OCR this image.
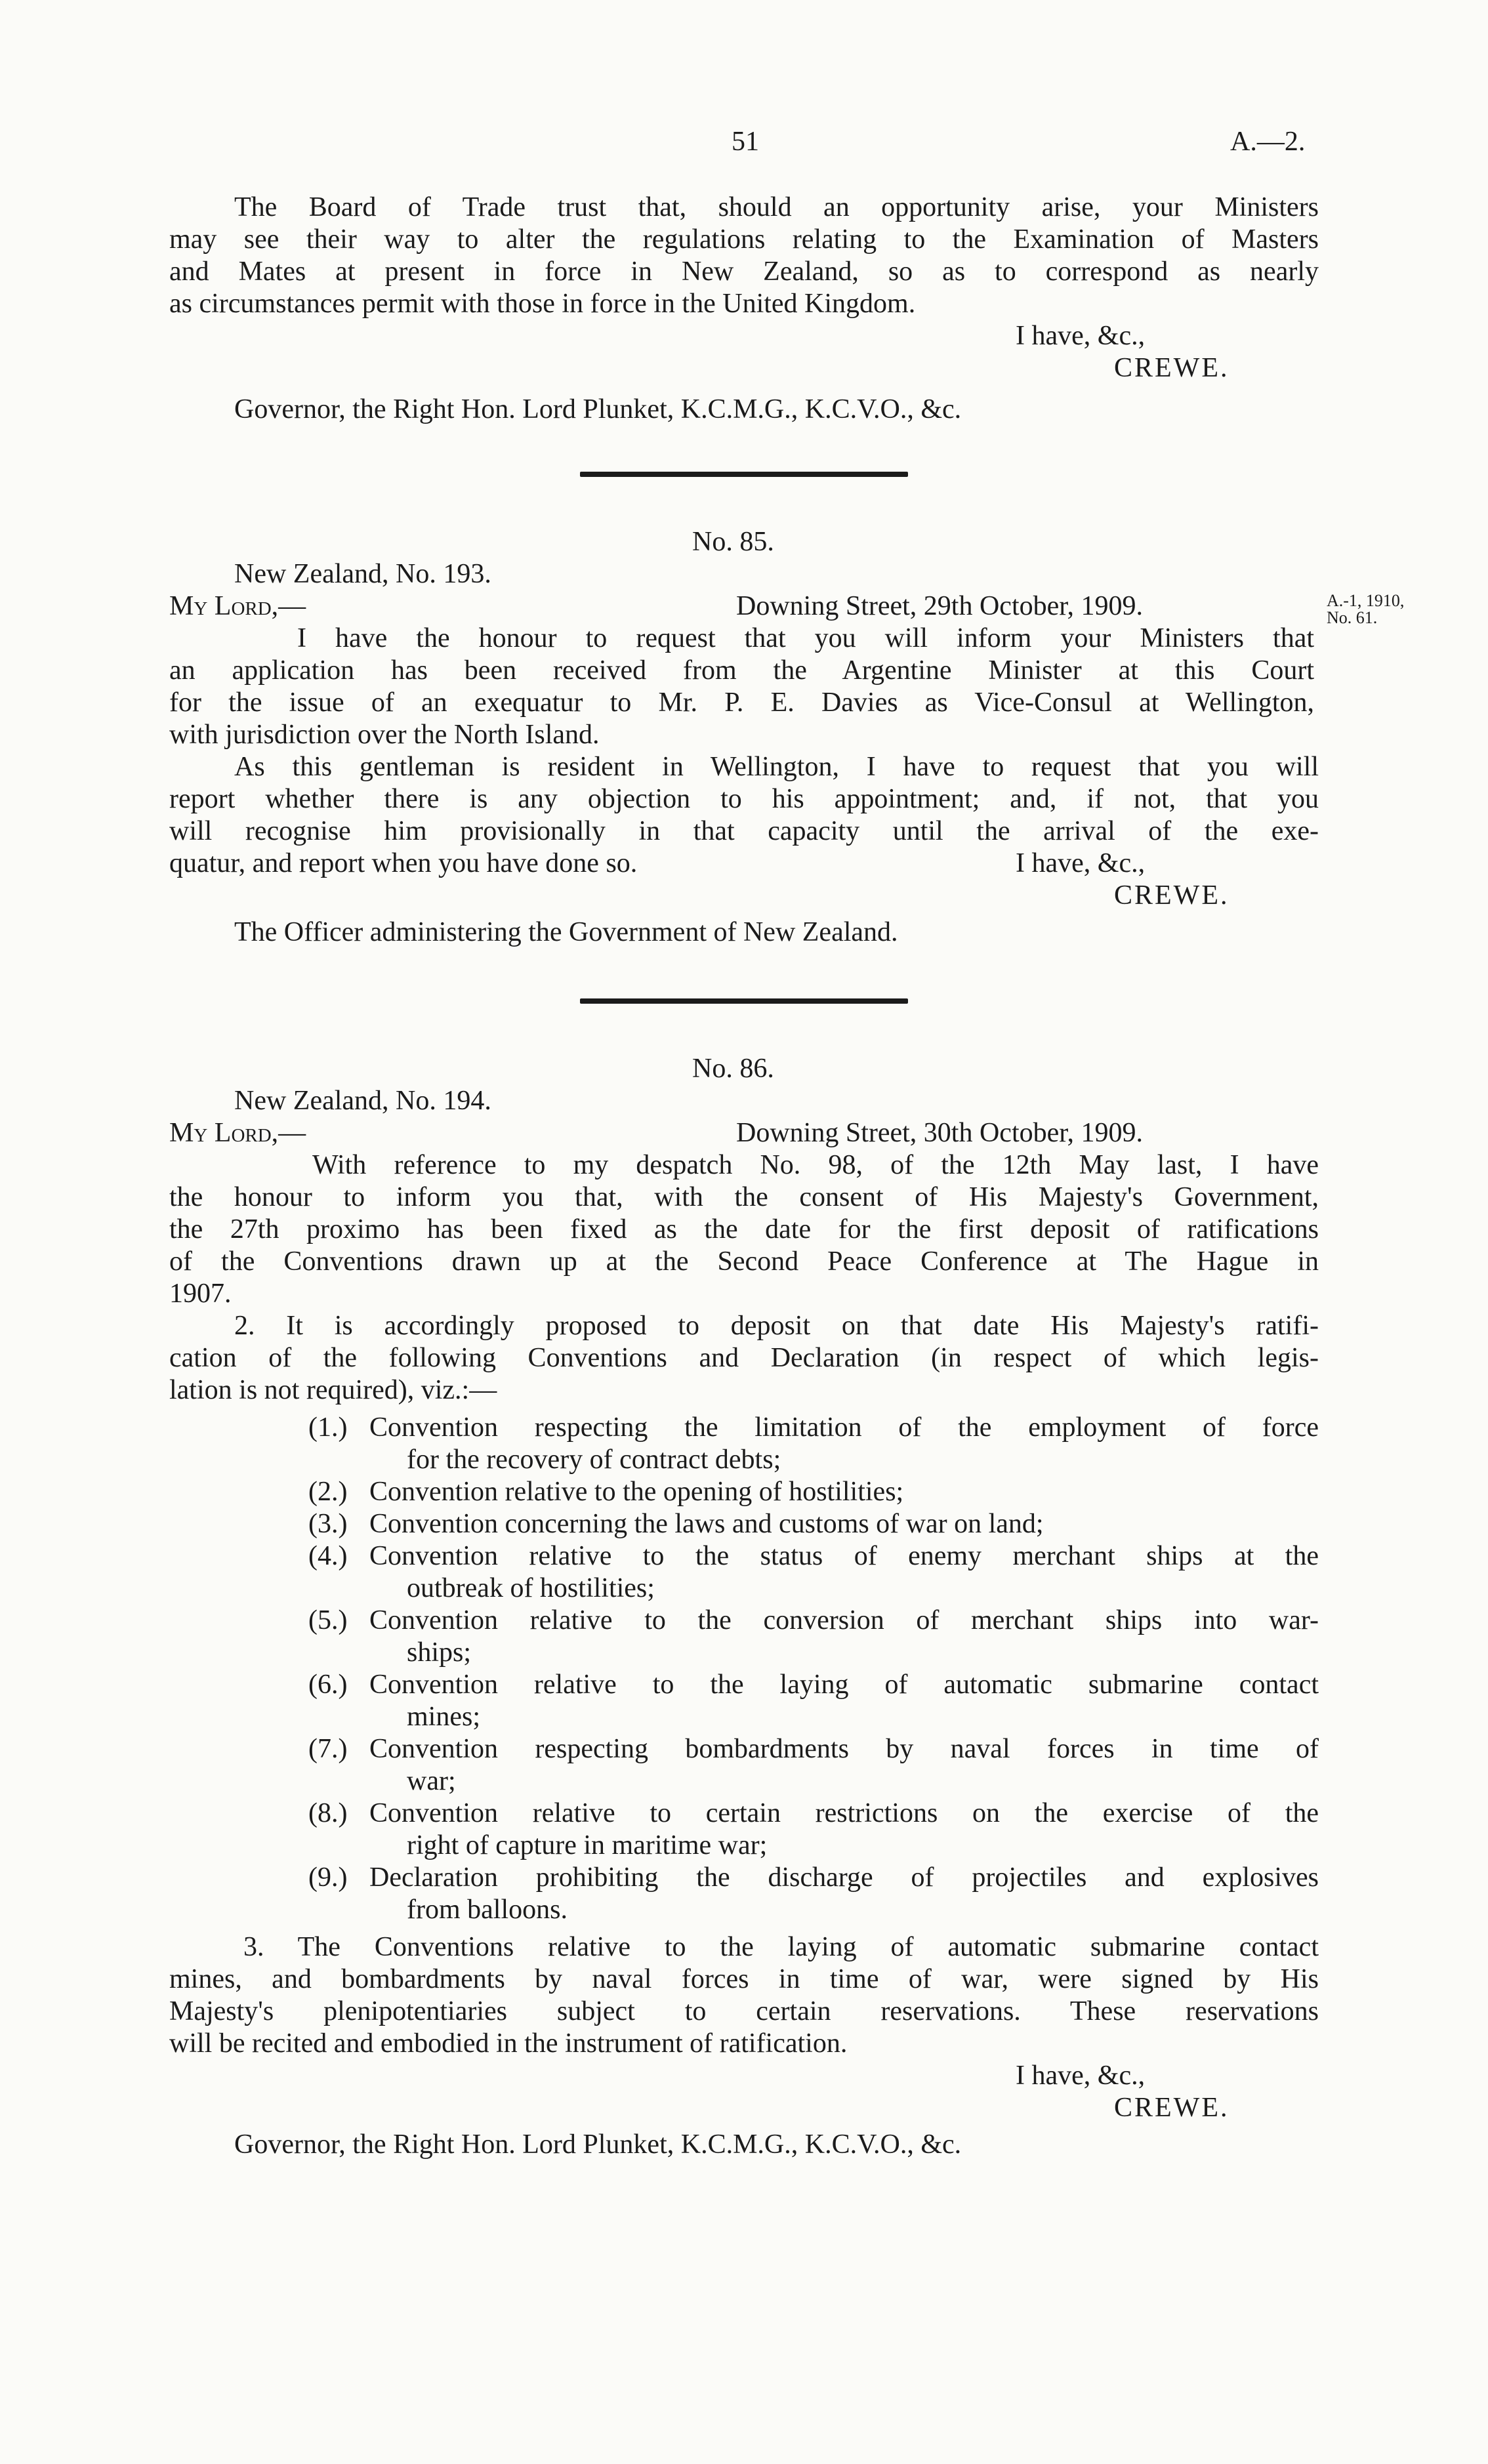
51	A.—2.
The Board of Trade trust that, should an opportunity arise, your Ministers
may see their way to alter the regulations relating to the Examination of Masters
and Mates at present in force in New Zealand, so as to correspond as nearly
as circumstances permit with those in force in the United Kingdom.
I have, &c.,
CREWE.
Governor, the Right Hon. Lord Plunket, K.C.M.G., K.C.V.O., &c.
No. 85.
New Zealand, No. 193.
My Lord,—	Downing Street, 29th October, 1909.	A.-1, 1910,
No. 61.
I have the honour to request that you will inform your Ministers that
an application has been received from the Argentine Minister at this Court
for the issue of an exequatur to Mr. P. E. Davies as Vice-Consul at Wellington,
with jurisdiction over the North Island.
As this gentleman is resident in Wellington, I have to request that you will
report whether there is any objection to his appointment; and, if not, that you
will recognise him provisionally in that capacity until the arrival of the exe-
quatur, and report when you have done so.	I have, &c.,
CREWE.
The Officer administering the Government of New Zealand.
No. 86.
New Zealand, No. 194.
My Lord,—	Downing Street, 30th October, 1909.
With reference to my despatch No. 98, of the 12th May last, I have
the honour to inform you that, with the consent of His Majesty's Government,
the 27th proximo has been fixed as the date for the first deposit of ratifications
of the Conventions drawn up at the Second Peace Conference at The Hague in
1907.
2. It is accordingly proposed to deposit on that date His Majesty's ratifi-
cation of the following Conventions and Declaration (in respect of which legis-
lation is not required), viz.:—
(1.) Convention respecting the limitation of the employment of force
for the recovery of contract debts;
(2.) Convention relative to the opening of hostilities;
(3.) Convention concerning the laws and customs of war on land;
(4.) Convention relative to the status of enemy merchant ships at the
outbreak of hostilities;
(5.) Convention relative to the conversion of merchant ships into war-
ships;
(6.) Convention relative to the laying of automatic submarine contact
mines;
(7.) Convention respecting bombardments by naval forces in time of
war;
(8.) Convention relative to certain restrictions on the exercise of the
right of capture in maritime war;
(9.) Declaration prohibiting the discharge of projectiles and explosives
from balloons.
3. The Conventions relative to the laying of automatic submarine contact
mines, and bombardments by naval forces in time of war, were signed by His
Majesty's plenipotentiaries subject to certain reservations. These reservations
will be recited and embodied in the instrument of ratification.
I have, &c.,
CREWE.
Governor, the Right Hon. Lord Plunket, K.C.M.G., K.C.V.O., &c.
